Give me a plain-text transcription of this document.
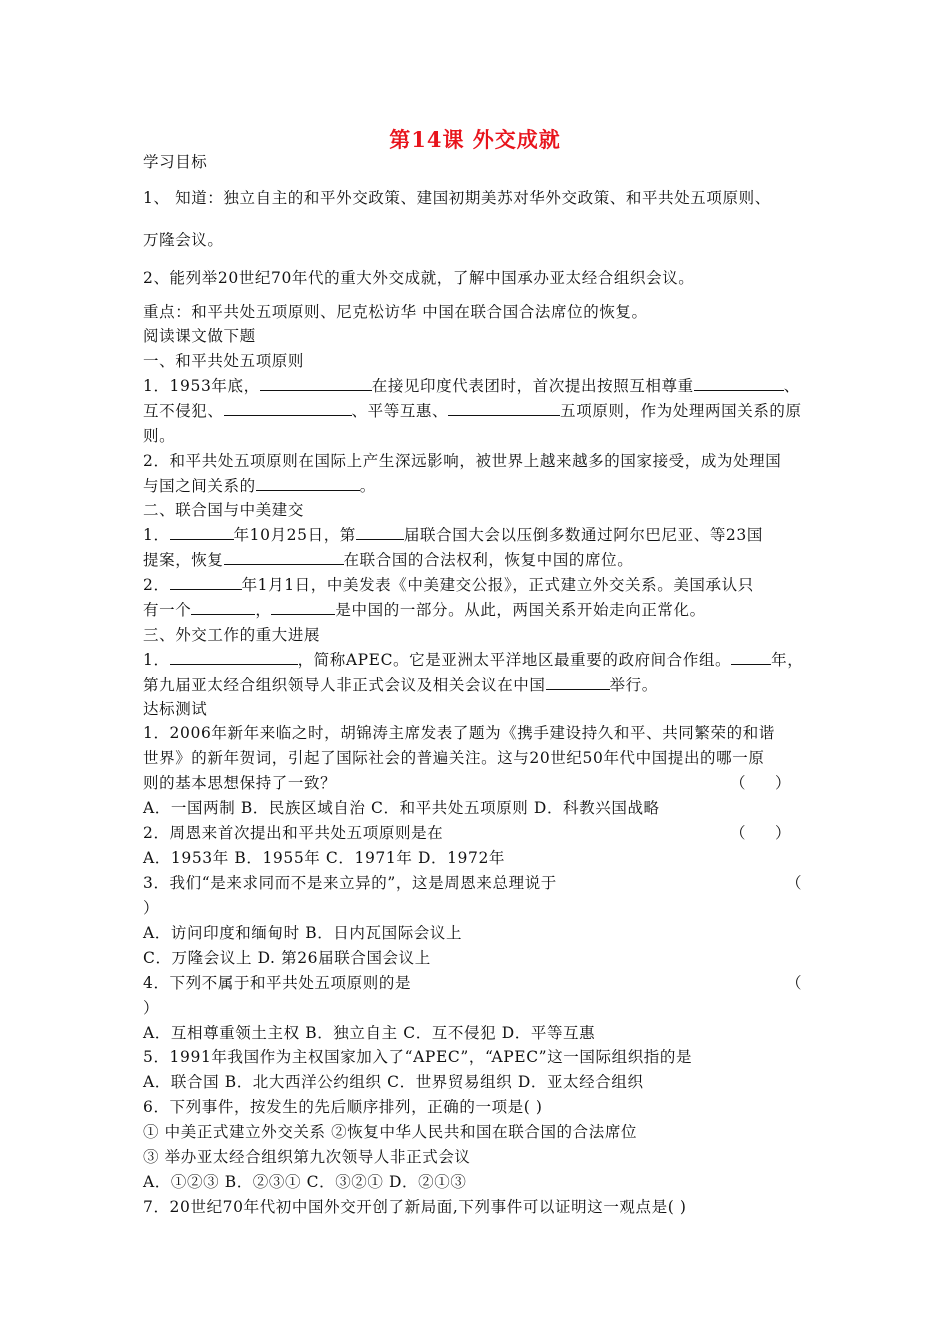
第14课 外交成就
学习目标
1、 知道：独立自主的和平外交政策、建国初期美苏对华外交政策、和平共处五项原则、
万隆会议。
2、能列举20世纪70年代的重大外交成就，了解中国承办亚太经合组织会议。
重点：和平共处五项原则、尼克松访华 中国在联合国合法席位的恢复。
阅读课文做下题
一、和平共处五项原则
1．1953年底，	在接见印度代表团时，首次提出按照互相尊重	、
互不侵犯、	、平等互惠、	五项原则，作为处理两国关系的原
则。
2．和平共处五项原则在国际上产生深远影响，被世界上越来越多的国家接受，成为处理国
与国之间关系的	。
二、联合国与中美建交
1．	年10月25日，第	届联合国大会以压倒多数通过阿尔巴尼亚、等23国
提案，恢复	在联合国的合法权利，恢复中国的席位。
2．	年1月1日，中美发表《中美建交公报》，正式建立外交关系。美国承认只
有一个	，	是中国的一部分。从此，两国关系开始走向正常化。
三、外交工作的重大进展
1．	，简称APEC。它是亚洲太平洋地区最重要的政府间合作组。	年，
第九届亚太经合组织领导人非正式会议及相关会议在中国	举行。
达标测试
1．2006年新年来临之时，胡锦涛主席发表了题为《携手建设持久和平、共同繁荣的和谐
世界》的新年贺词，引起了国际社会的普遍关注。这与20世纪50年代中国提出的哪一原
则的基本思想保持了一致？	（      ）
A．一国两制 B．民族区域自治 C．和平共处五项原则 D．科教兴国战略
2．周恩来首次提出和平共处五项原则是在	（      ）
A．1953年 B．1955年 C．1971年 D．1972年
3．我们“是来求同而不是来立异的”，这是周恩来总理说于	（
）
A．访问印度和缅甸时 B．日内瓦国际会议上
C．万隆会议上 D. 第26届联合国会议上
4．下列不属于和平共处五项原则的是	（
）
A．互相尊重领土主权 B．独立自主 C．互不侵犯 D．平等互惠
5．1991年我国作为主权国家加入了“APEC”，“APEC”这一国际组织指的是
A．联合国 B．北大西洋公约组织 C．世界贸易组织 D．亚太经合组织
6．下列事件，按发生的先后顺序排列，正确的一项是( )
① 中美正式建立外交关系 ②恢复中华人民共和国在联合国的合法席位
③ 举办亚太经合组织第九次领导人非正式会议
A．①②③ B．②③① C．③②① D．②①③
7．20世纪70年代初中国外交开创了新局面,下列事件可以证明这一观点是( )
